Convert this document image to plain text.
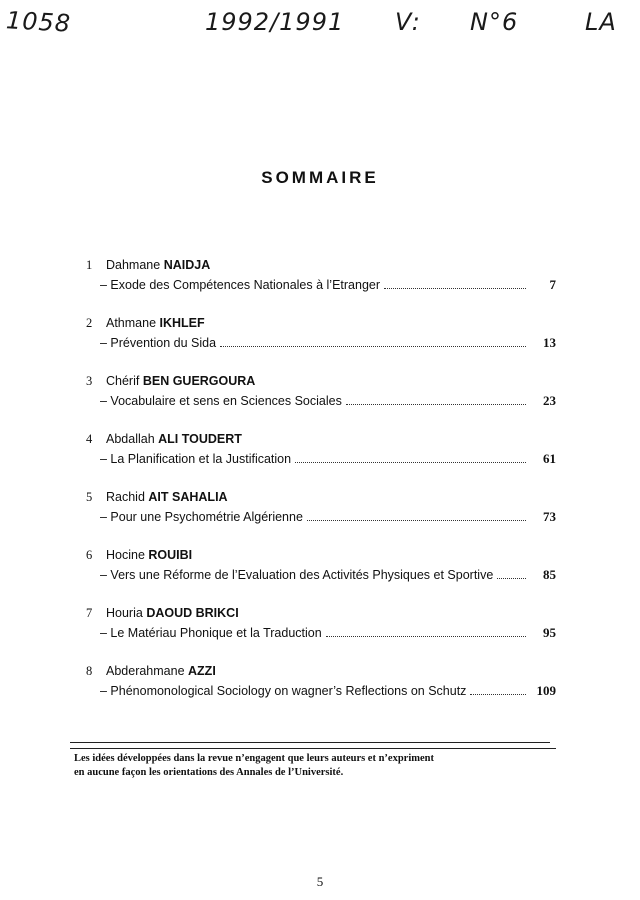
1058	1992/1991 V: N°6	LA
SOMMAIRE
1 Dahmane NAIDJA
– Exode des Compétences Nationales à l’Etranger	7
2 Athmane IKHLEF
– Prévention du Sida	13
3 Chérif BEN GUERGOURA
– Vocabulaire et sens en Sciences Sociales	23
4 Abdallah ALI TOUDERT
– La Planification et la Justification	61
5 Rachid AIT SAHALIA
– Pour une Psychométrie Algérienne	73
6 Hocine ROUIBI
– Vers une Réforme de l’Evaluation des Activités Physiques et Sportive	85
7 Houria DAOUD BRIKCI
– Le Matériau Phonique et la Traduction	95
8 Abderahmane AZZI
– Phénomonological Sociology on wagner’s Reflections on Schutz	109
Les idées développées dans la revue n’engagent que leurs auteurs et n’expriment
en aucune façon les orientations des Annales de l’Université.
5
